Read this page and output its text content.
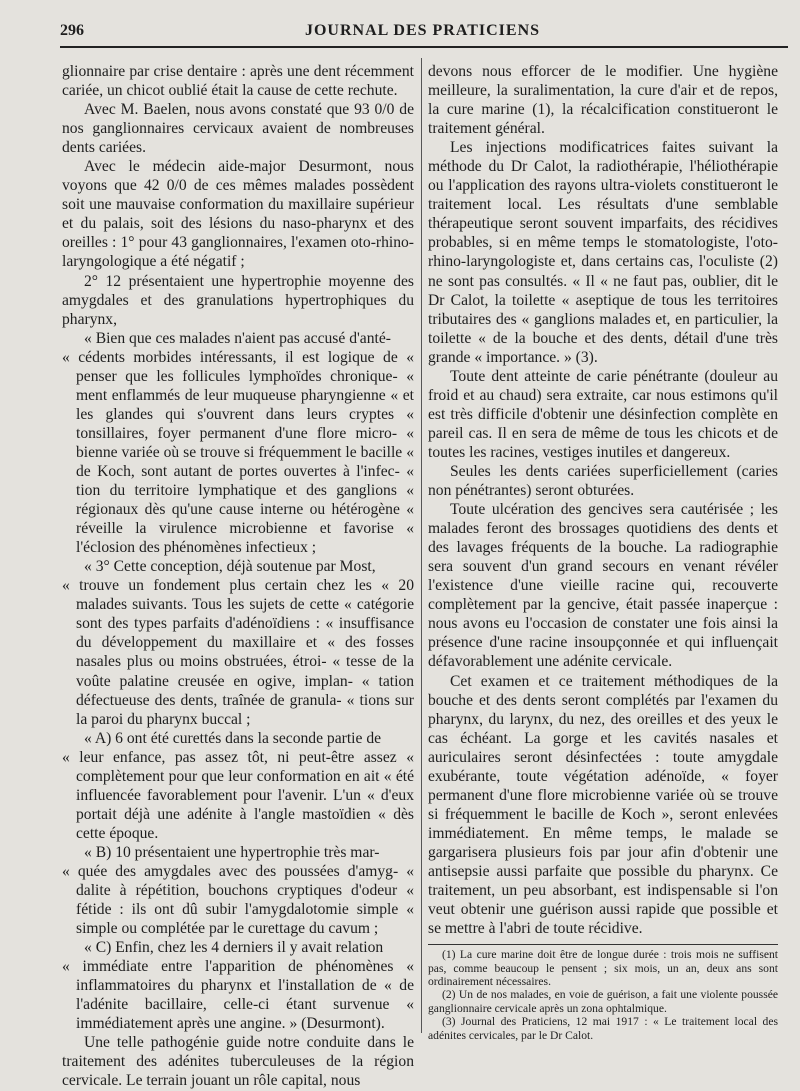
296	JOURNAL DES PRATICIENS

glionnaire par crise dentaire : après une dent récemment cariée, un chicot oublié était la cause de cette rechute.

Avec M. Baelen, nous avons constaté que 93 0/0 de nos ganglionnaires cervicaux avaient de nombreuses dents cariées.

Avec le médecin aide-major Desurmont, nous voyons que 42 0/0 de ces mêmes malades possèdent soit une mauvaise conformation du maxillaire supérieur et du palais, soit des lésions du naso-pharynx et des oreilles : 1° pour 43 ganglionnaires, l'examen oto-rhino-laryngologique a été négatif ;

2° 12 présentaient une hypertrophie moyenne des amygdales et des granulations hypertrophiques du pharynx,

« Bien que ces malades n'aient pas accusé d'anté-

« cédents morbides intéressants, il est logique de « penser que les follicules lymphoïdes chronique- « ment enflammés de leur muqueuse pharyngienne « et les glandes qui s'ouvrent dans leurs cryptes « tonsillaires, foyer permanent d'une flore micro- « bienne variée où se trouve si fréquemment le bacille « de Koch, sont autant de portes ouvertes à l'infec- « tion du territoire lymphatique et des ganglions « régionaux dès qu'une cause interne ou hétérogène « réveille la virulence microbienne et favorise « l'éclosion des phénomènes infectieux ;

« 3° Cette conception, déjà soutenue par Most,

« trouve un fondement plus certain chez les « 20 malades suivants. Tous les sujets de cette « catégorie sont des types parfaits d'adénoïdiens : « insuffisance du développement du maxillaire et « des fosses nasales plus ou moins obstruées, étroi- « tesse de la voûte palatine creusée en ogive, implan- « tation défectueuse des dents, traînée de granula- « tions sur la paroi du pharynx buccal ;

« A) 6 ont été curettés dans la seconde partie de

« leur enfance, pas assez tôt, ni peut-être assez « complètement pour que leur conformation en ait « été influencée favorablement pour l'avenir. L'un « d'eux portait déjà une adénite à l'angle mastoïdien « dès cette époque.

« B) 10 présentaient une hypertrophie très mar-

« quée des amygdales avec des poussées d'amyg- « dalite à répétition, bouchons cryptiques d'odeur « fétide : ils ont dû subir l'amygdalotomie simple « simple ou complétée par le curettage du cavum ;

« C) Enfin, chez les 4 derniers il y avait relation

« immédiate entre l'apparition de phénomènes « inflammatoires du pharynx et l'installation de « de l'adénite bacillaire, celle-ci étant survenue « immédiatement après une angine. » (Desurmont).

Une telle pathogénie guide notre conduite dans le traitement des adénites tuberculeuses de la région cervicale. Le terrain jouant un rôle capital, nous

devons nous efforcer de le modifier. Une hygiène meilleure, la suralimentation, la cure d'air et de repos, la cure marine (1), la récalcification constitueront le traitement général.

Les injections modificatrices faites suivant la méthode du Dr Calot, la radiothérapie, l'héliothérapie ou l'application des rayons ultra-violets constitueront le traitement local. Les résultats d'une semblable thérapeutique seront souvent imparfaits, des récidives probables, si en même temps le stomatologiste, l'oto-rhino-laryngologiste et, dans certains cas, l'oculiste (2) ne sont pas consultés. « Il « ne faut pas, oublier, dit le Dr Calot, la toilette « aseptique de tous les territoires tributaires des « ganglions malades et, en particulier, la toilette « de la bouche et des dents, détail d'une très grande « importance. » (3).

Toute dent atteinte de carie pénétrante (douleur au froid et au chaud) sera extraite, car nous estimons qu'il est très difficile d'obtenir une désinfection complète en pareil cas. Il en sera de même de tous les chicots et de toutes les racines, vestiges inutiles et dangereux.

Seules les dents cariées superficiellement (caries non pénétrantes) seront obturées.

Toute ulcération des gencives sera cautérisée ; les malades feront des brossages quotidiens des dents et des lavages fréquents de la bouche. La radiographie sera souvent d'un grand secours en venant révéler l'existence d'une vieille racine qui, recouverte complètement par la gencive, était passée inaperçue : nous avons eu l'occasion de constater une fois ainsi la présence d'une racine insoupçonnée et qui influençait défavorablement une adénite cervicale.

Cet examen et ce traitement méthodiques de la bouche et des dents seront complétés par l'examen du pharynx, du larynx, du nez, des oreilles et des yeux le cas échéant. La gorge et les cavités nasales et auriculaires seront désinfectées : toute amygdale exubérante, toute végétation adénoïde, « foyer permanent d'une flore microbienne variée où se trouve si fréquemment le bacille de Koch », seront enlevées immédiatement. En même temps, le malade se gargarisera plusieurs fois par jour afin d'obtenir une antisepsie aussi parfaite que possible du pharynx. Ce traitement, un peu absorbant, est indispensable si l'on veut obtenir une guérison aussi rapide que possible et se mettre à l'abri de toute récidive.

(1) La cure marine doit être de longue durée : trois mois ne suffisent pas, comme beaucoup le pensent ; six mois, un an, deux ans sont ordinairement nécessaires.

(2) Un de nos malades, en voie de guérison, a fait une violente poussée ganglionnaire cervicale après un zona ophtalmique.

(3) Journal des Praticiens, 12 mai 1917 : « Le traitement local des adénites cervicales, par le Dr Calot.
